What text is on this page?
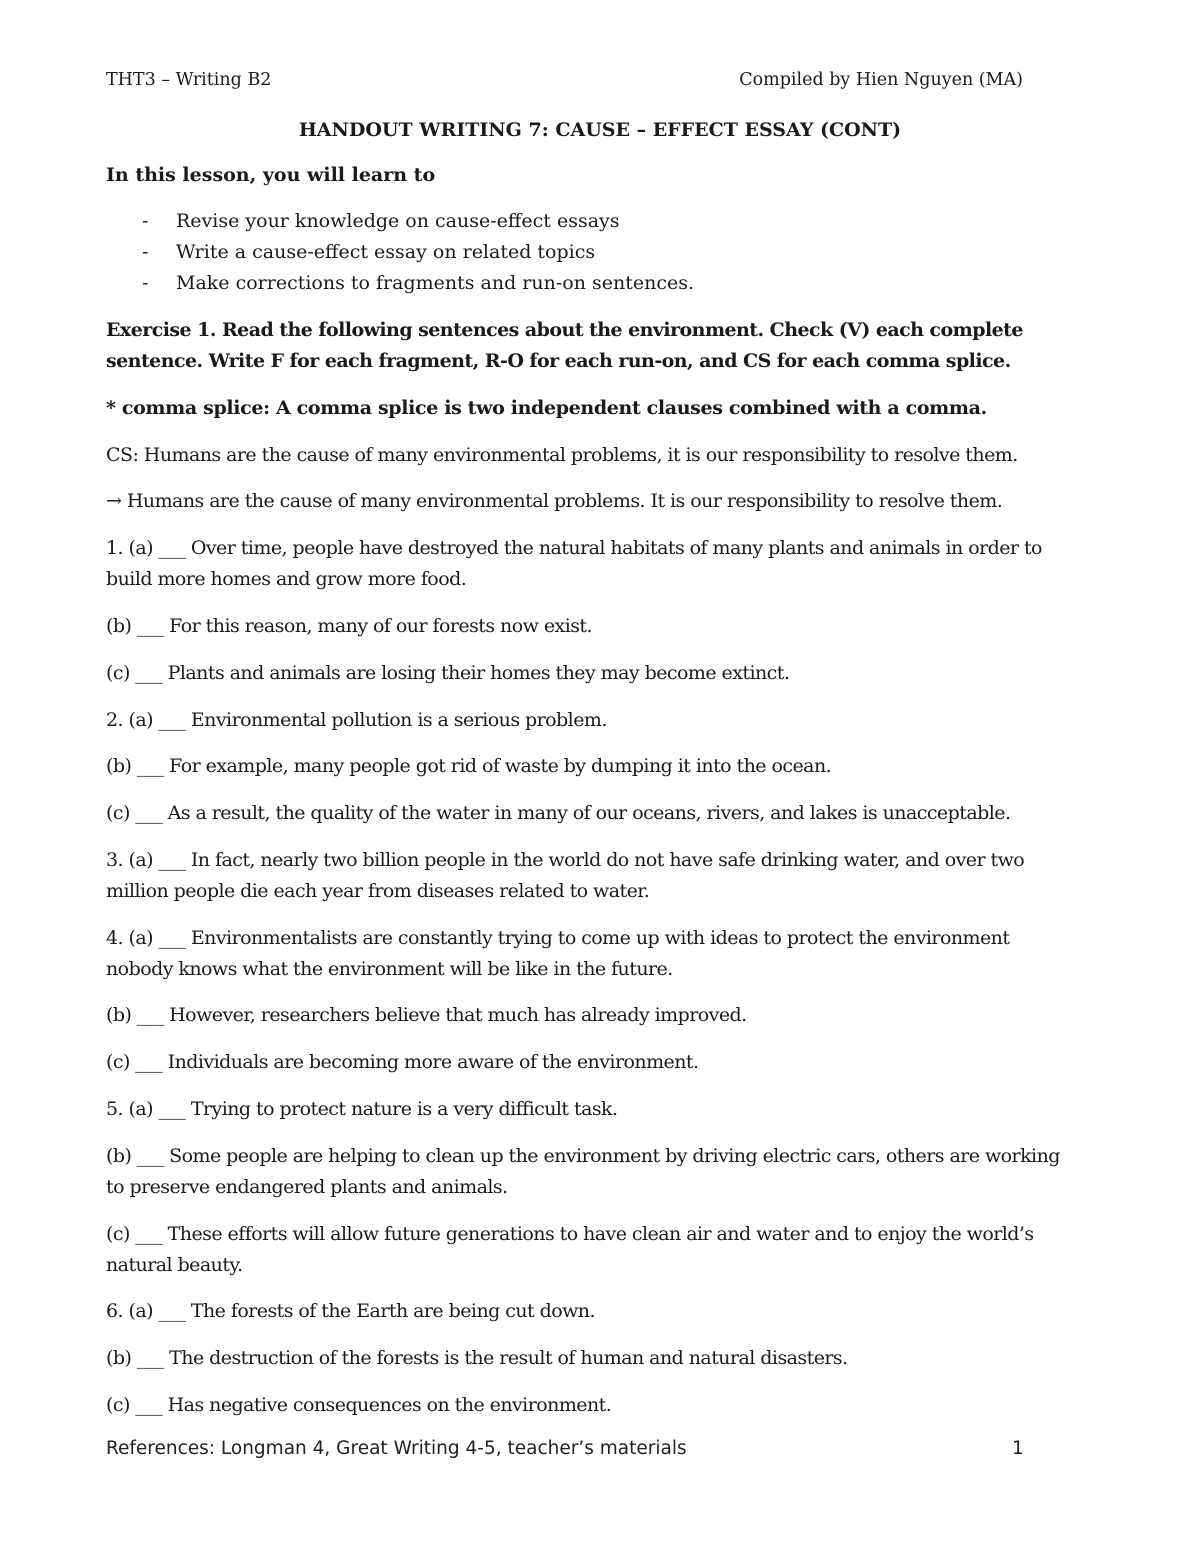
THT3 – Writing B2	Compiled by Hien Nguyen (MA)
HANDOUT WRITING 7: CAUSE – EFFECT ESSAY (CONT)
In this lesson, you will learn to
- Revise your knowledge on cause-effect essays
- Write a cause-effect essay on related topics
- Make corrections to fragments and run-on sentences.
Exercise 1. Read the following sentences about the environment. Check (V) each complete
sentence. Write F for each fragment, R-O for each run-on, and CS for each comma splice.
* comma splice: A comma splice is two independent clauses combined with a comma.
CS: Humans are the cause of many environmental problems, it is our responsibility to resolve them.
→ Humans are the cause of many environmental problems. It is our responsibility to resolve them.
1. (a) ___ Over time, people have destroyed the natural habitats of many plants and animals in order to
build more homes and grow more food.
(b) ___ For this reason, many of our forests now exist.
(c) ___ Plants and animals are losing their homes they may become extinct.
2. (a) ___ Environmental pollution is a serious problem.
(b) ___ For example, many people got rid of waste by dumping it into the ocean.
(c) ___ As a result, the quality of the water in many of our oceans, rivers, and lakes is unacceptable.
3. (a) ___ In fact, nearly two billion people in the world do not have safe drinking water, and over two
million people die each year from diseases related to water.
4. (a) ___ Environmentalists are constantly trying to come up with ideas to protect the environment
nobody knows what the environment will be like in the future.
(b) ___ However, researchers believe that much has already improved.
(c) ___ Individuals are becoming more aware of the environment.
5. (a) ___ Trying to protect nature is a very difficult task.
(b) ___ Some people are helping to clean up the environment by driving electric cars, others are working
to preserve endangered plants and animals.
(c) ___ These efforts will allow future generations to have clean air and water and to enjoy the world’s
natural beauty.
6. (a) ___ The forests of the Earth are being cut down.
(b) ___ The destruction of the forests is the result of human and natural disasters.
(c) ___ Has negative consequences on the environment.
References: Longman 4, Great Writing 4-5, teacher’s materials	1
